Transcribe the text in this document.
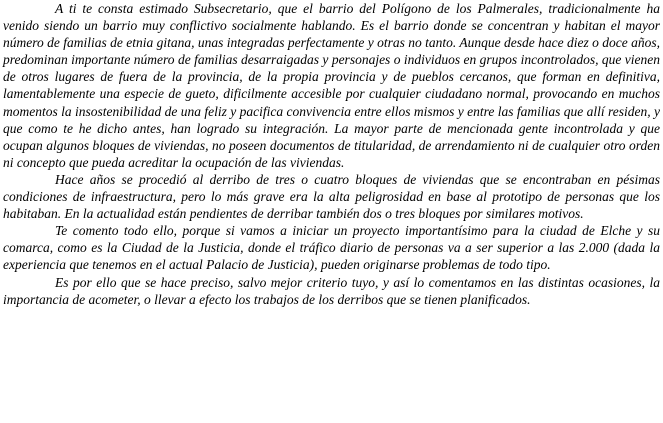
A ti te consta estimado Subsecretario, que el barrio del Polígono de los Palmerales, tradicionalmente ha venido siendo un barrio muy conflictivo socialmente hablando. Es el barrio donde se concentran y habitan el mayor número de familias de etnia gitana, unas integradas perfectamente y otras no tanto. Aunque desde hace diez o doce años, predominan importante número de familias desarraigadas y personajes o individuos en grupos incontrolados, que vienen de otros lugares de fuera de la provincia, de la propia provincia y de pueblos cercanos, que forman en definitiva, lamentablemente una especie de gueto, dificilmente accesible por cualquier ciudadano normal, provocando en muchos momentos la insostenibilidad de una feliz y pacifica convivencia entre ellos mismos y entre las familias que allí residen, y que como te he dicho antes, han logrado su integración. La mayor parte de mencionada gente incontrolada y que ocupan algunos bloques de viviendas, no poseen documentos de titularidad, de arrendamiento ni de cualquier otro orden ni concepto que pueda acreditar la ocupación de las viviendas.

Hace años se procedió al derribo de tres o cuatro bloques de viviendas que se encontraban en pésimas condiciones de infraestructura, pero lo más grave era la alta peligrosidad en base al prototipo de personas que los habitaban. En la actualidad están pendientes de derribar también dos o tres bloques por similares motivos.

Te comento todo ello, porque si vamos a iniciar un proyecto importantísimo para la ciudad de Elche y su comarca, como es la Ciudad de la Justicia, donde el tráfico diario de personas va a ser superior a las 2.000 (dada la experiencia que tenemos en el actual Palacio de Justicia), pueden originarse problemas de todo tipo.

Es por ello que se hace preciso, salvo mejor criterio tuyo, y así lo comentamos en las distintas ocasiones, la importancia de acometer, o llevar a efecto los trabajos de los derribos que se tienen planificados.
